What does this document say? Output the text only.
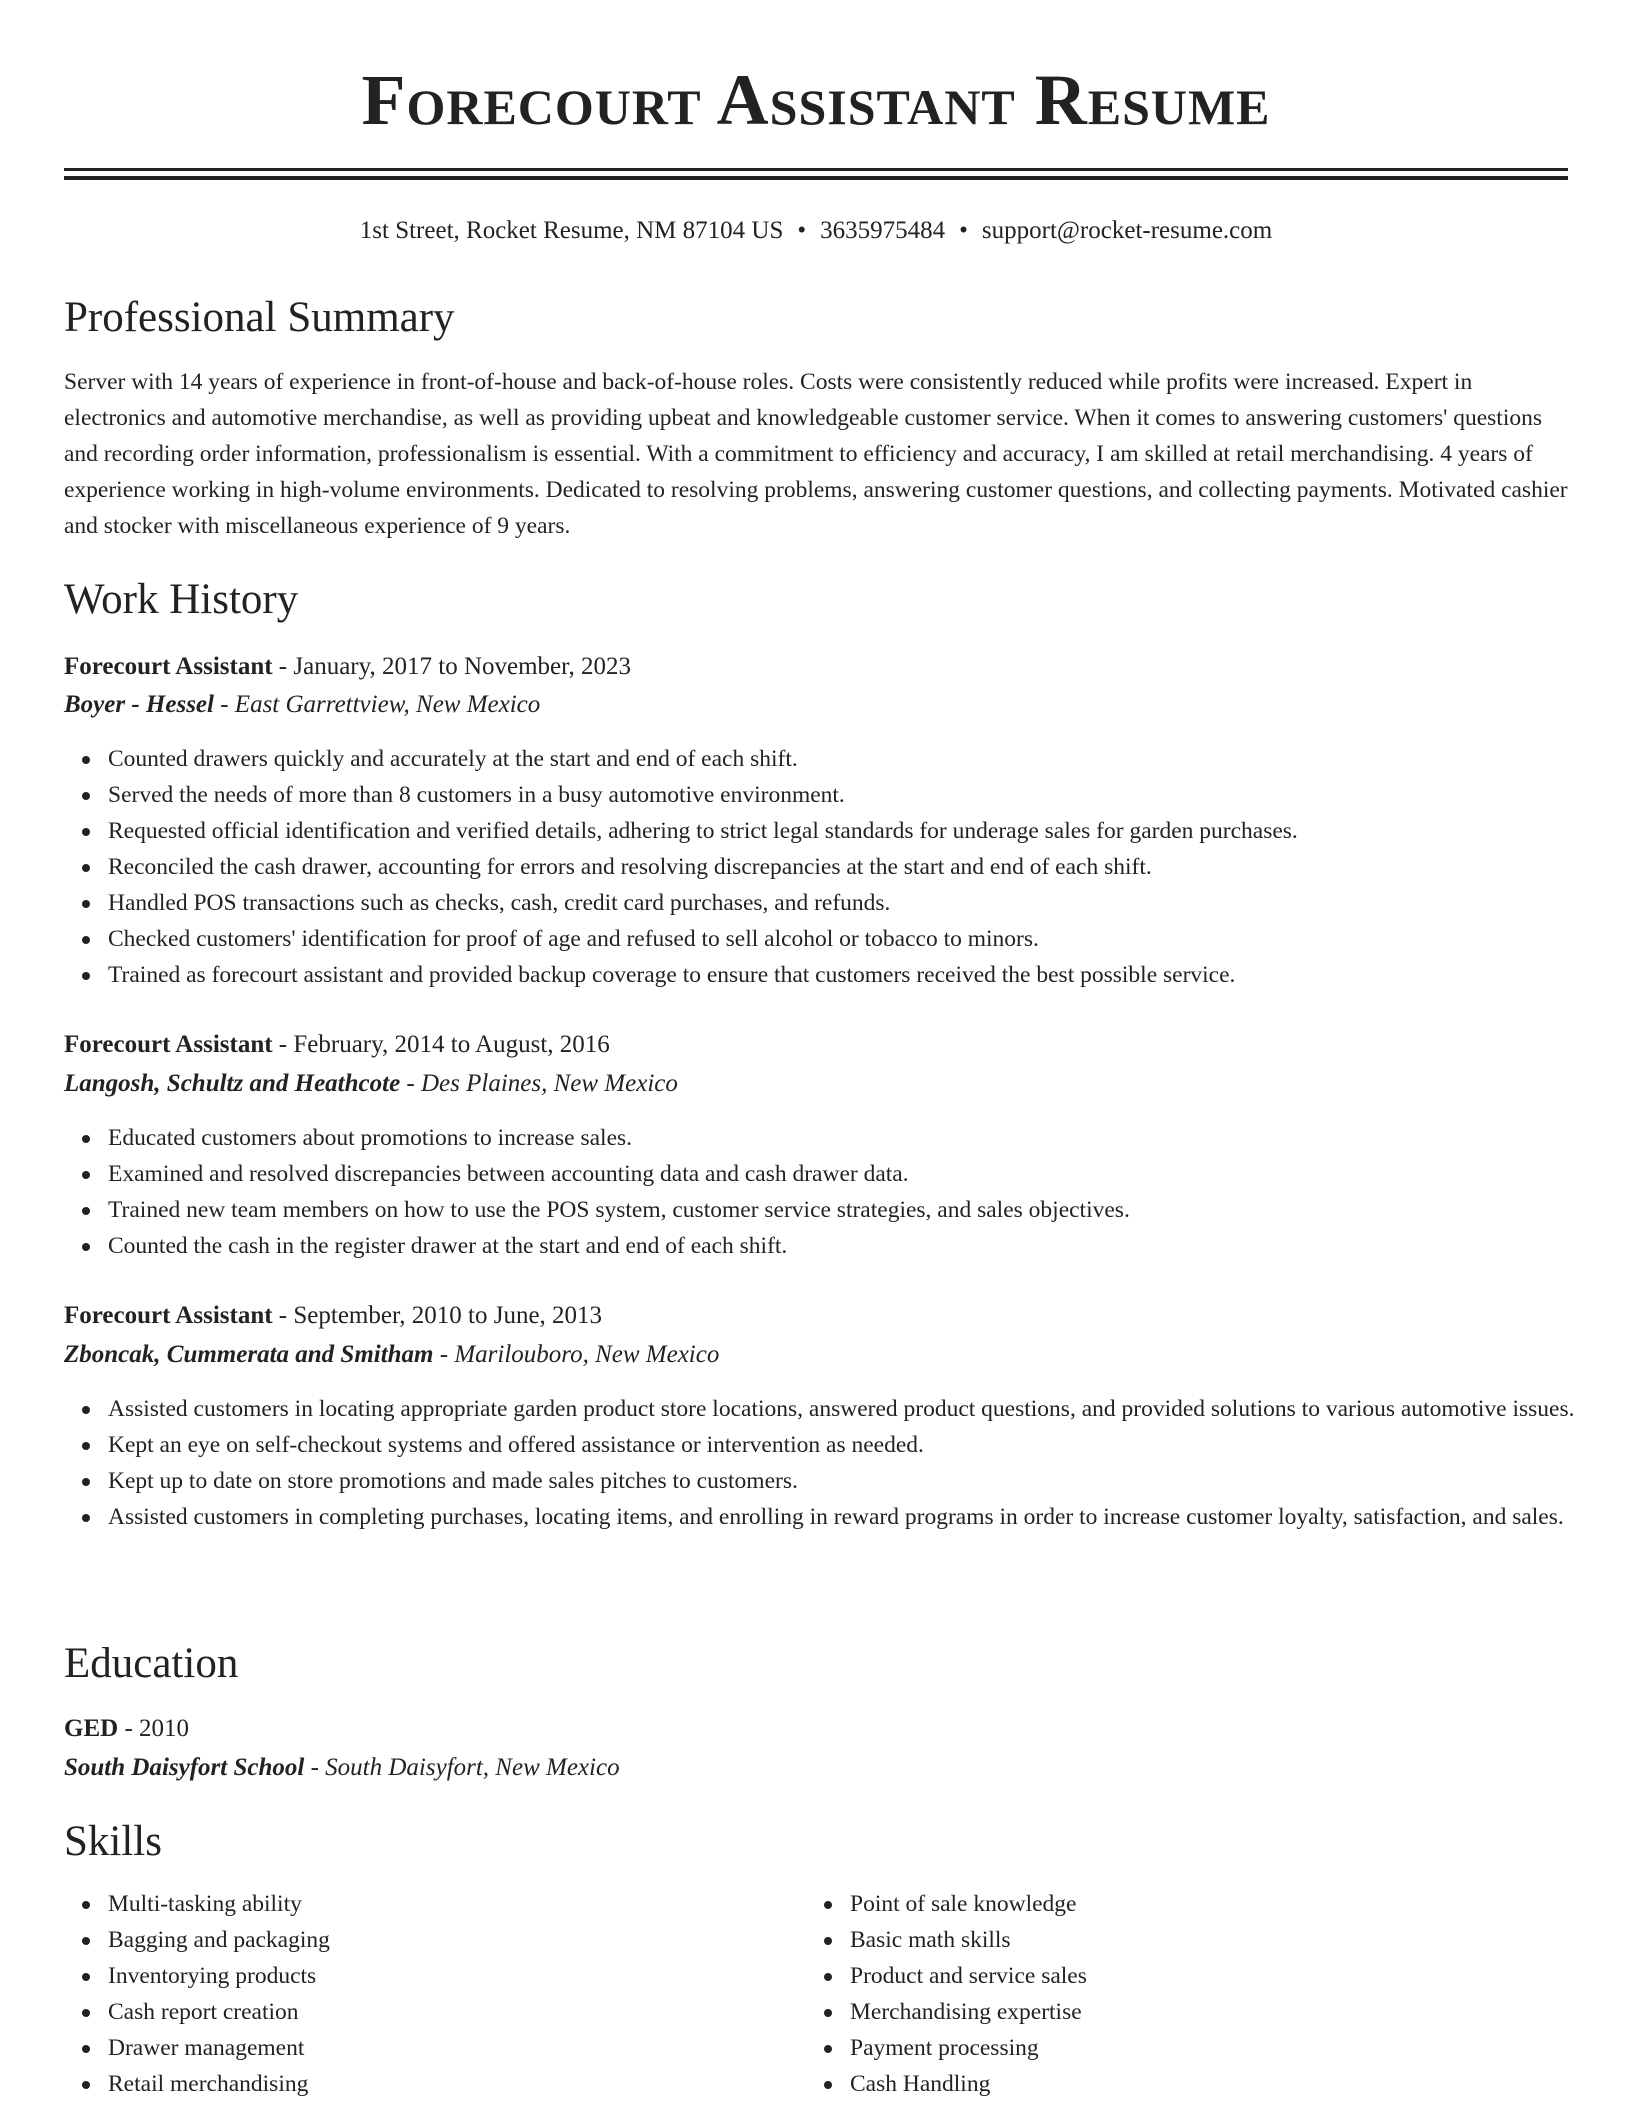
Forecourt Assistant Resume
1st Street, Rocket Resume, NM 87104 US • 3635975484 • support@rocket-resume.com
Professional Summary

Server with 14 years of experience in front-of-house and back-of-house roles. Costs were consistently reduced while profits were increased. Expert in electronics and automotive merchandise, as well as providing upbeat and knowledgeable customer service. When it comes to answering customers' questions and recording order information, professionalism is essential. With a commitment to efficiency and accuracy, I am skilled at retail merchandising. 4 years of experience working in high-volume environments. Dedicated to resolving problems, answering customer questions, and collecting payments. Motivated cashier and stocker with miscellaneous experience of 9 years.

Work History
Forecourt Assistant - January, 2017 to November, 2023
Boyer - Hessel - East Garrettview, New Mexico
Counted drawers quickly and accurately at the start and end of each shift.
Served the needs of more than 8 customers in a busy automotive environment.
Requested official identification and verified details, adhering to strict legal standards for underage sales for garden purchases.
Reconciled the cash drawer, accounting for errors and resolving discrepancies at the start and end of each shift.
Handled POS transactions such as checks, cash, credit card purchases, and refunds.
Checked customers' identification for proof of age and refused to sell alcohol or tobacco to minors.
Trained as forecourt assistant and provided backup coverage to ensure that customers received the best possible service.
Forecourt Assistant - February, 2014 to August, 2016
Langosh, Schultz and Heathcote - Des Plaines, New Mexico
Educated customers about promotions to increase sales.
Examined and resolved discrepancies between accounting data and cash drawer data.
Trained new team members on how to use the POS system, customer service strategies, and sales objectives.
Counted the cash in the register drawer at the start and end of each shift.
Forecourt Assistant - September, 2010 to June, 2013
Zboncak, Cummerata and Smitham - Marilouboro, New Mexico
Assisted customers in locating appropriate garden product store locations, answered product questions, and provided solutions to various automotive issues.
Kept an eye on self-checkout systems and offered assistance or intervention as needed.
Kept up to date on store promotions and made sales pitches to customers.
Assisted customers in completing purchases, locating items, and enrolling in reward programs in order to increase customer loyalty, satisfaction, and sales.
Education
GED - 2010
South Daisyfort School - South Daisyfort, New Mexico
Skills
Multi-tasking ability
Bagging and packaging
Inventorying products
Cash report creation
Drawer management
Retail merchandising
Point of sale knowledge
Basic math skills
Product and service sales
Merchandising expertise
Payment processing
Cash Handling
